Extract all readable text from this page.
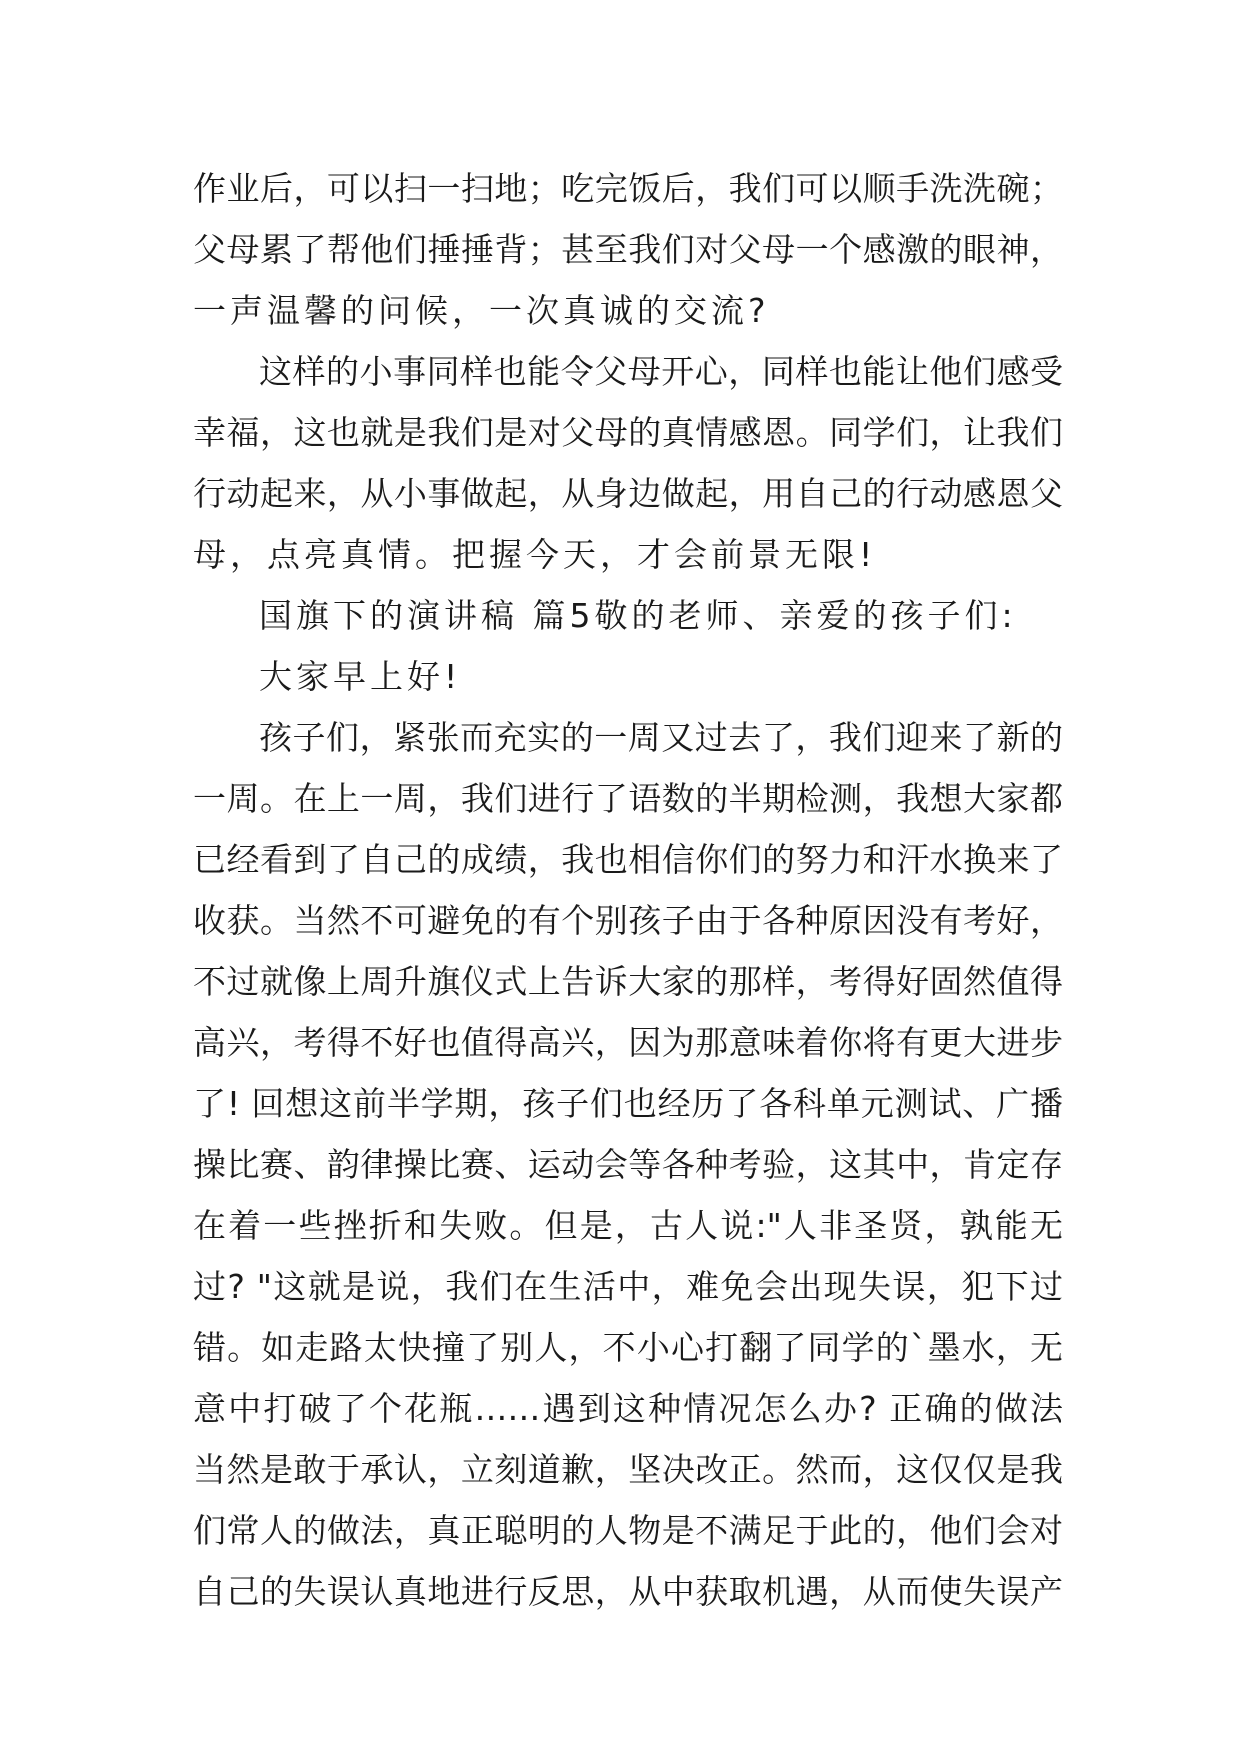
作业后，可以扫一扫地；吃完饭后，我们可以顺手洗洗碗；
父母累了帮他们捶捶背；甚至我们对父母一个感激的眼神，
一声温馨的问候，一次真诚的交流?
这样的小事同样也能令父母开心，同样也能让他们感受
幸福，这也就是我们是对父母的真情感恩。同学们，让我们
行动起来，从小事做起，从身边做起，用自己的行动感恩父
母，点亮真情。把握今天，才会前景无限!
国旗下的演讲稿 篇5敬的老师、亲爱的孩子们:
大家早上好!
孩子们，紧张而充实的一周又过去了，我们迎来了新的
一周。在上一周，我们进行了语数的半期检测，我想大家都
已经看到了自己的成绩，我也相信你们的努力和汗水换来了
收获。当然不可避免的有个别孩子由于各种原因没有考好，
不过就像上周升旗仪式上告诉大家的那样，考得好固然值得
高兴，考得不好也值得高兴，因为那意味着你将有更大进步
了! 回想这前半学期，孩子们也经历了各科单元测试、广播
操比赛、韵律操比赛、运动会等各种考验，这其中，肯定存
在着一些挫折和失败。但是，古人说:"人非圣贤，孰能无
过? "这就是说，我们在生活中，难免会出现失误，犯下过
错。如走路太快撞了别人，不小心打翻了同学的`墨水，无
意中打破了个花瓶……遇到这种情况怎么办? 正确的做法
当然是敢于承认，立刻道歉，坚决改正。然而，这仅仅是我
们常人的做法，真正聪明的人物是不满足于此的，他们会对
自己的失误认真地进行反思，从中获取机遇，从而使失误产
